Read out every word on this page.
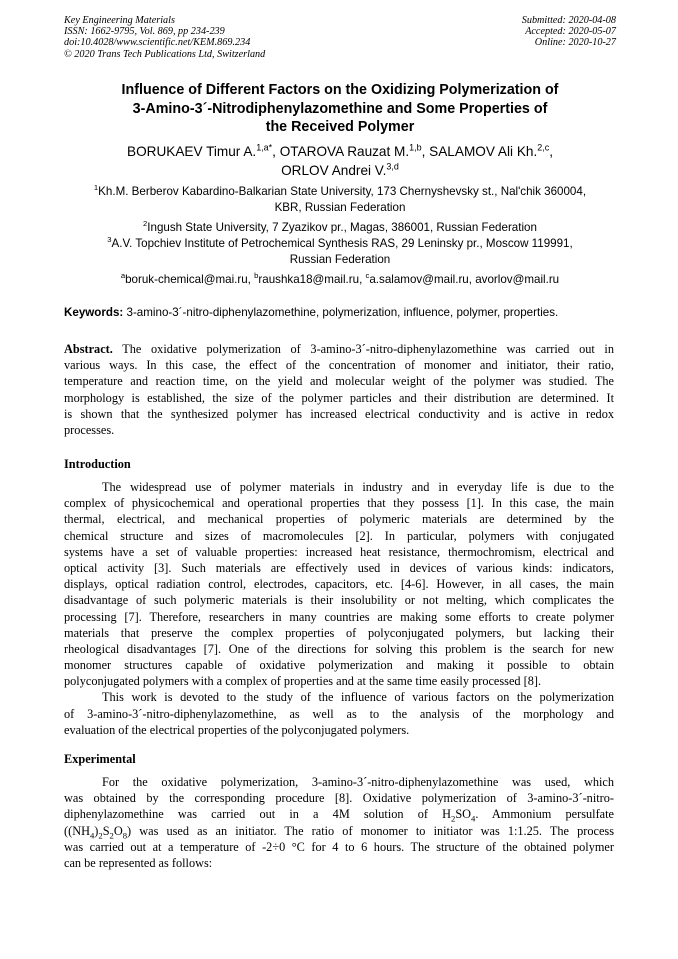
Key Engineering Materials
ISSN: 1662-9795, Vol. 869, pp 234-239
doi:10.4028/www.scientific.net/KEM.869.234
© 2020 Trans Tech Publications Ltd, Switzerland
Submitted: 2020-04-08
Accepted: 2020-05-07
Online: 2020-10-27
Influence of Different Factors on the Oxidizing Polymerization of
3-Amino-3´-Nitrodiphenylazomethine and Some Properties of
the Received Polymer
BORUKAEV Timur A.$^{1,a*}$, OTAROVA Rauzat M.$^{1,b}$, SALAMOV Ali Kh.$^{2,c}$,
ORLOV Andrei V.$^{3,d}$
$^1$Kh.M. Berberov Kabardino-Balkarian State University, 173 Chernyshevsky st., Nal'chik 360004,
KBR, Russian Federation
$^2$Ingush State University, 7 Zyazikov pr., Magas, 386001, Russian Federation
$^3$A.V. Topchiev Institute of Petrochemical Synthesis RAS, 29 Leninsky pr., Moscow 119991,
Russian Federation
$^a$boruk-chemical@mai.ru, $^b$raushka18@mail.ru, $^c$a.salamov@mail.ru, avorlov@mail.ru
Keywords: 3-amino-3´-nitro-diphenylazomethine, polymerization, influence, polymer, properties.
Abstract. The oxidative polymerization of 3-amino-3´-nitro-diphenylazomethine was carried out in
various ways. In this case, the effect of the concentration of monomer and initiator, their ratio,
temperature and reaction time, on the yield and molecular weight of the polymer was studied. The
morphology is established, the size of the polymer particles and their distribution are determined. It
is shown that the synthesized polymer has increased electrical conductivity and is active in redox
processes.
Introduction
The widespread use of polymer materials in industry and in everyday life is due to the
complex of physicochemical and operational properties that they possess [1]. In this case, the main
thermal, electrical, and mechanical properties of polymeric materials are determined by the
chemical structure and sizes of macromolecules [2]. In particular, polymers with conjugated
systems have a set of valuable properties: increased heat resistance, thermochromism, electrical and
optical activity [3]. Such materials are effectively used in devices of various kinds: indicators,
displays, optical radiation control, electrodes, capacitors, etc. [4-6]. However, in all cases, the main
disadvantage of such polymeric materials is their insolubility or not melting, which complicates the
processing [7]. Therefore, researchers in many countries are making some efforts to create polymer
materials that preserve the complex properties of polyconjugated polymers, but lacking their
rheological disadvantages [7]. One of the directions for solving this problem is the search for new
monomer structures capable of oxidative polymerization and making it possible to obtain
polyconjugated polymers with a complex of properties and at the same time easily processed [8].
This work is devoted to the study of the influence of various factors on the polymerization
of 3-amino-3´-nitro-diphenylazomethine, as well as to the analysis of the morphology and
evaluation of the electrical properties of the polyconjugated polymers.
Experimental
For the oxidative polymerization, 3-amino-3´-nitro-diphenylazomethine was used, which
was obtained by the corresponding procedure [8]. Oxidative polymerization of 3-amino-3´-nitro-
diphenylazomethine was carried out in a 4M solution of $H_2SO_4$. Ammonium persulfate
$((NH_4)_2S_2O_8)$ was used as an initiator. The ratio of monomer to initiator was 1:1.25. The process
was carried out at a temperature of -2÷0 °C for 4 to 6 hours. The structure of the obtained polymer
can be represented as follows:
